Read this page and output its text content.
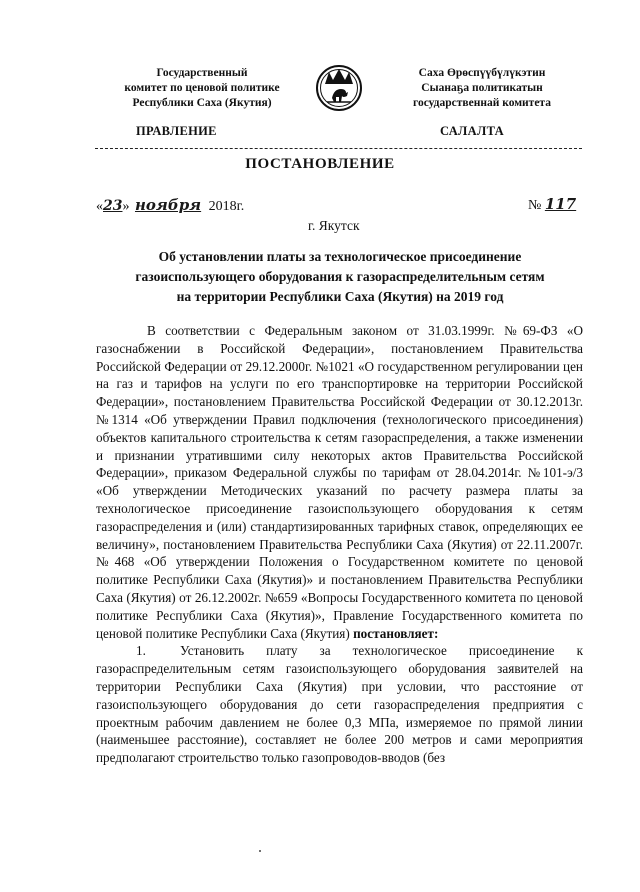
Государственный
комитет по ценовой политике
Республики Саха (Якутия)
Саха Өрөспүүбүлүкэтин
Сыанаҕа политикатын
государственнай комитета
ПРАВЛЕНИЕ	САЛАЛТА
ПОСТАНОВЛЕНИЕ
«23» ноября 2018г.	№ 117
г. Якутск
Об установлении платы за технологическое присоединение
газоиспользующего оборудования к газораспределительным сетям
на территории Республики Саха (Якутия) на 2019 год

В соответствии с Федеральным законом от 31.03.1999г. №69-ФЗ «О газоснабжении в Российской Федерации», постановлением Правительства Российской Федерации от 29.12.2000г. №1021 «О государственном регулировании цен на газ и тарифов на услуги по его транспортировке на территории Российской Федерации», постановлением Правительства Российской Федерации от 30.12.2013г. №1314 «Об утверждении Правил подключения (технологического присоединения) объектов капитального строительства к сетям газораспределения, а также изменении и признании утратившими силу некоторых актов Правительства Российской Федерации», приказом Федеральной службы по тарифам от 28.04.2014г. №101-э/3 «Об утверждении Методических указаний по расчету размера платы за технологическое присоединение газоиспользующего оборудования к сетям газораспределения и (или) стандартизированных тарифных ставок, определяющих ее величину», постановлением Правительства Республики Саха (Якутия) от 22.11.2007г. №468 «Об утверждении Положения о Государственном комитете по ценовой политике Республики Саха (Якутия)» и постановлением Правительства Республики Саха (Якутия) от 26.12.2002г. №659 «Вопросы Государственного комитета по ценовой политике Республики Саха (Якутия)», Правление Государственного комитета по ценовой политике Республики Саха (Якутия) постановляет:

1.	Установить плату за технологическое присоединение к газораспределительным сетям газоиспользующего оборудования заявителей на территории Республики Саха (Якутия) при условии, что расстояние от газоиспользующего оборудования до сети газораспределения предприятия с проектным рабочим давлением не более 0,3 МПа, измеряемое по прямой линии (наименьшее расстояние), составляет не более 200 метров и сами мероприятия предполагают строительство только газопроводов-вводов (без
